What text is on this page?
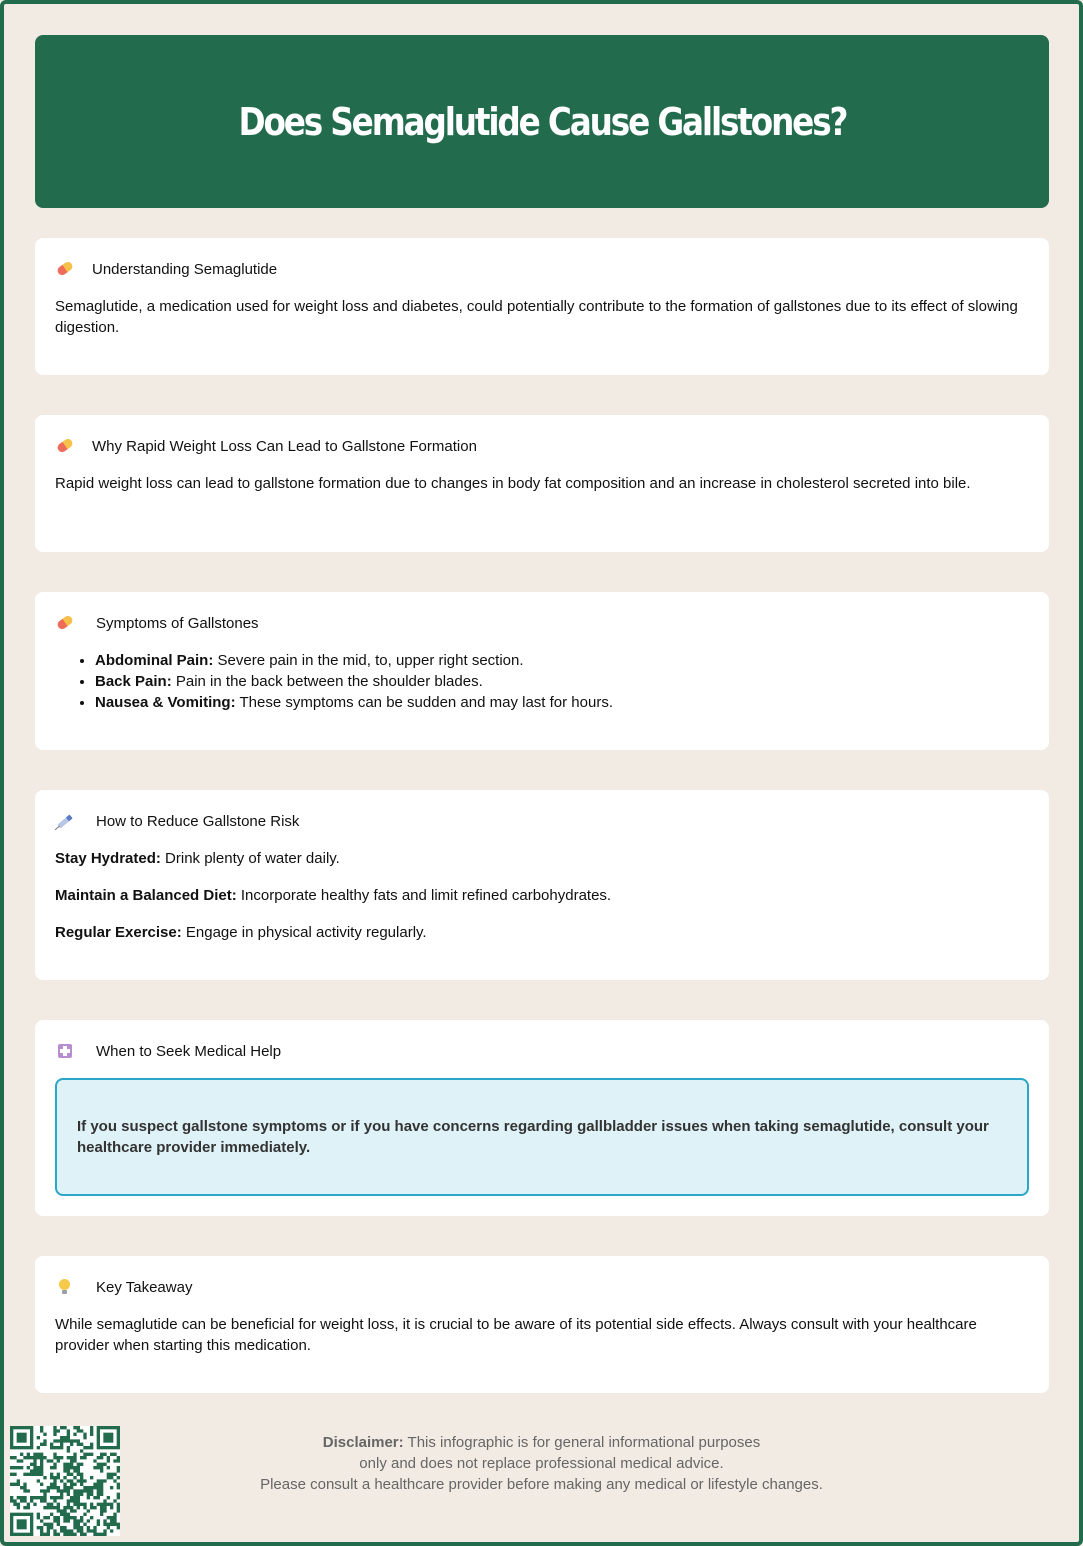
Does Semaglutide Cause Gallstones?
Understanding Semaglutide

Semaglutide, a medication used for weight loss and diabetes, could potentially contribute to the formation of gallstones due to its effect of slowing digestion.

Why Rapid Weight Loss Can Lead to Gallstone Formation

Rapid weight loss can lead to gallstone formation due to changes in body fat composition and an increase in cholesterol secreted into bile.

Symptoms of Gallstones
• Abdominal Pain: Severe pain in the mid, to, upper right section.
• Back Pain: Pain in the back between the shoulder blades.
• Nausea & Vomiting: These symptoms can be sudden and may last for hours.
How to Reduce Gallstone Risk

Stay Hydrated: Drink plenty of water daily.

Maintain a Balanced Diet: Incorporate healthy fats and limit refined carbohydrates.

Regular Exercise: Engage in physical activity regularly.

When to Seek Medical Help

If you suspect gallstone symptoms or if you have concerns regarding gallbladder issues when taking semaglutide, consult your healthcare provider immediately.

Key Takeaway

While semaglutide can be beneficial for weight loss, it is crucial to be aware of its potential side effects. Always consult with your healthcare provider when starting this medication.

Disclaimer: This infographic is for general informational purposes

only and does not replace professional medical advice.

Please consult a healthcare provider before making any medical or lifestyle changes.
